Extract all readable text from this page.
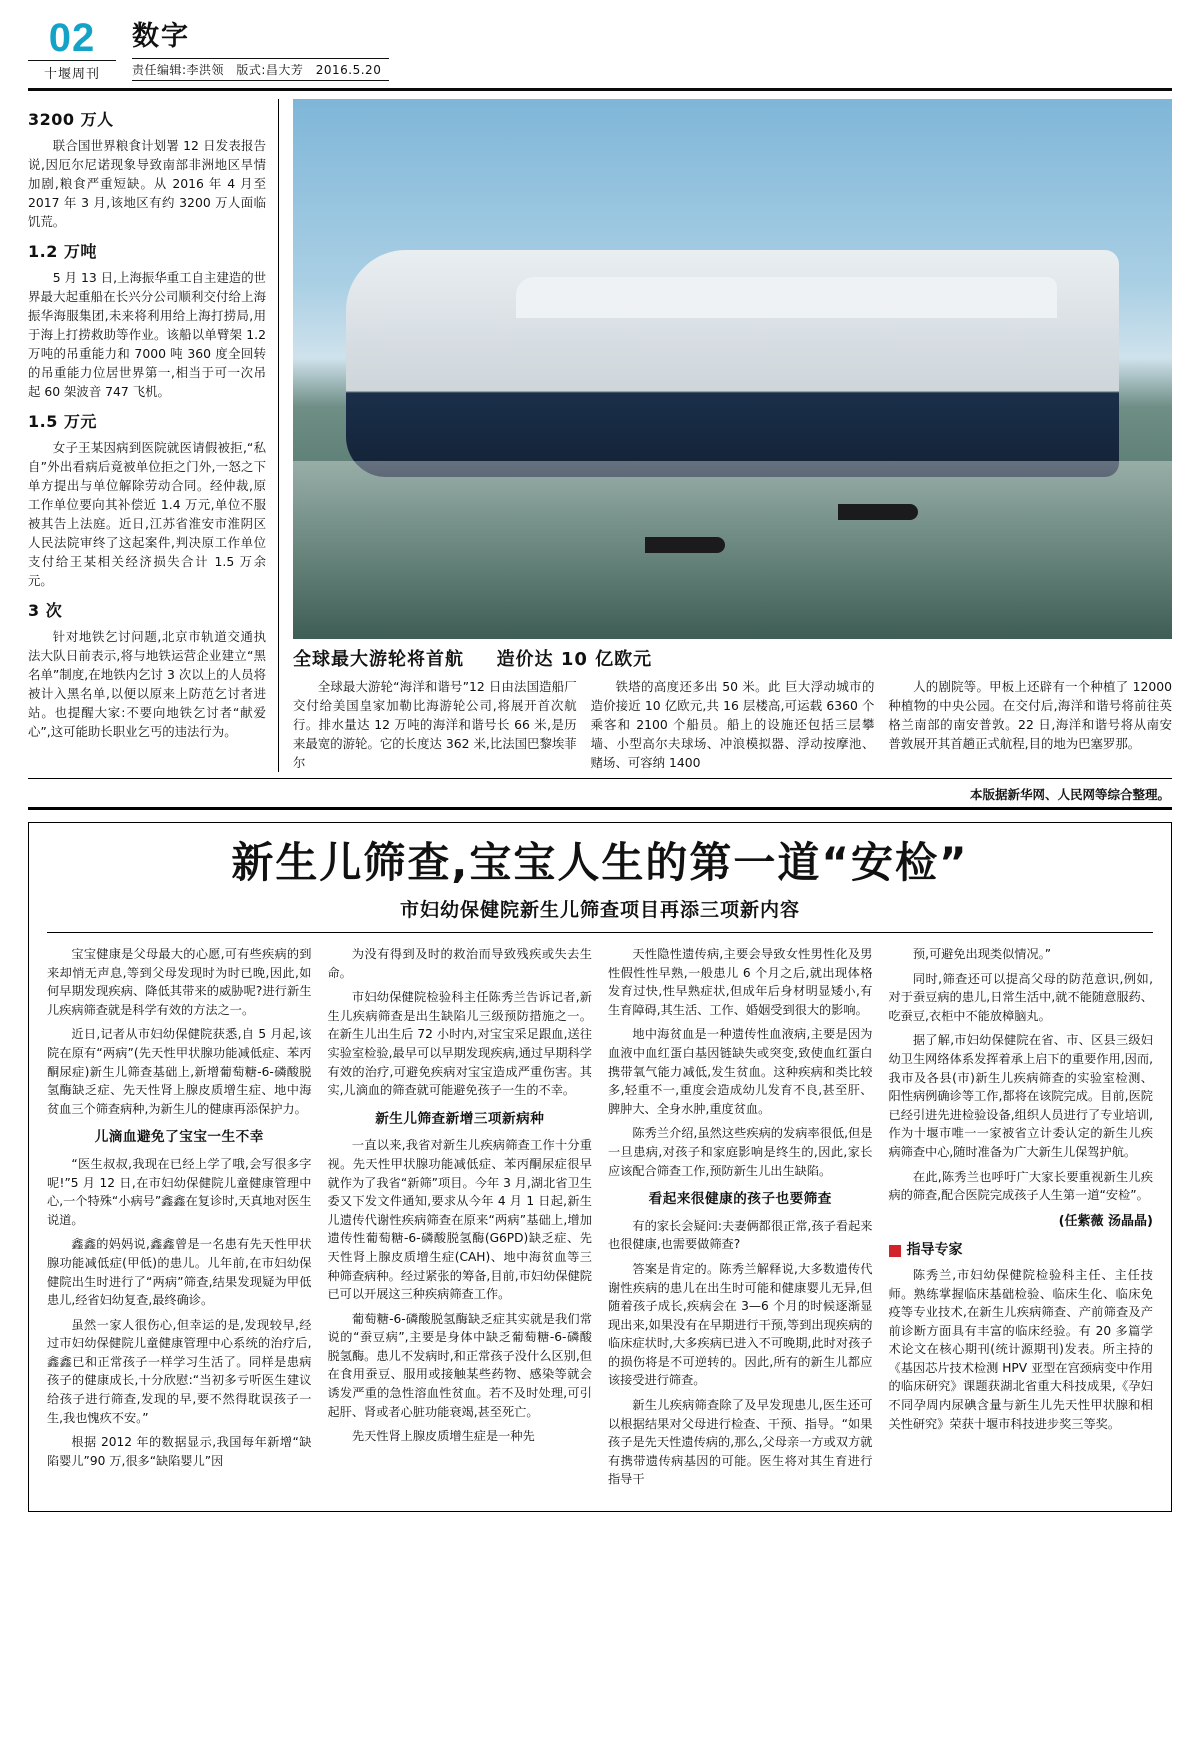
02
十堰周刊
数字
责任编辑:李洪领 版式:昌大芳 2016.5.20
3200 万人
联合国世界粮食计划署 12 日发表报告说,因厄尔尼诺现象导致南部非洲地区旱情加剧,粮食严重短缺。从 2016 年 4 月至 2017 年 3 月,该地区有约 3200 万人面临饥荒。
1.2 万吨
5 月 13 日,上海振华重工自主建造的世界最大起重船在长兴分公司顺利交付给上海振华海服集团,未来将利用给上海打捞局,用于海上打捞救助等作业。该船以单臂架 1.2 万吨的吊重能力和 7000 吨 360 度全回转的吊重能力位居世界第一,相当于可一次吊起 60 架波音 747 飞机。
1.5 万元
女子王某因病到医院就医请假被拒,“私自”外出看病后竟被单位拒之门外,一怒之下单方提出与单位解除劳动合同。经仲裁,原工作单位要向其补偿近 1.4 万元,单位不服被其告上法庭。近日,江苏省淮安市淮阴区人民法院审终了这起案件,判决原工作单位支付给王某相关经济损失合计 1.5 万余元。
3 次
针对地铁乞讨问题,北京市轨道交通执法大队日前表示,将与地铁运营企业建立“黑名单”制度,在地铁内乞讨 3 次以上的人员将被计入黑名单,以便以原来上防范乞讨者进站。也提醒大家:不要向地铁乞讨者“献爱心”,这可能助长职业乞丐的违法行为。
全球最大游轮将首航 造价达 10 亿欧元
全球最大游轮“海洋和谐号”12 日由法国造船厂交付给美国皇家加勒比海游轮公司,将展开首次航行。排水量达 12 万吨的海洋和谐号长 66 米,是历来最宽的游轮。它的长度达 362 米,比法国巴黎埃菲尔
铁塔的高度还多出 50 米。此 巨大浮动城市的造价接近 10 亿欧元,共 16 层楼高,可运载 6360 个乘客和 2100 个船员。船上的设施还包括三层攀墙、小型高尔夫球场、冲浪模拟器、浮动按摩池、赌场、可容纳 1400
人的剧院等。甲板上还辟有一个种植了 12000 种植物的中央公园。在交付后,海洋和谐号将前往英格兰南部的南安普敦。22 日,海洋和谐号将从南安普敦展开其首趟正式航程,目的地为巴塞罗那。
本版据新华网、人民网等综合整理。
新生儿筛查,宝宝人生的第一道“安检”
市妇幼保健院新生儿筛查项目再添三项新内容

宝宝健康是父母最大的心愿,可有些疾病的到来却悄无声息,等到父母发现时为时已晚,因此,如何早期发现疾病、降低其带来的威胁呢?进行新生儿疾病筛查就是科学有效的方法之一。

近日,记者从市妇幼保健院获悉,自 5 月起,该院在原有“两病”(先天性甲状腺功能减低症、苯丙酮尿症)新生儿筛查基础上,新增葡萄糖-6-磷酸脱氢酶缺乏症、先天性肾上腺皮质增生症、地中海贫血三个筛查病种,为新生儿的健康再添保护力。

儿滴血避免了宝宝一生不幸

“医生叔叔,我现在已经上学了哦,会写很多字呢!”5 月 12 日,在市妇幼保健院儿童健康管理中心,一个特殊“小病号”鑫鑫在复诊时,天真地对医生说道。

鑫鑫的妈妈说,鑫鑫曾是一名患有先天性甲状腺功能减低症(甲低)的患儿。儿年前,在市妇幼保健院出生时进行了“两病”筛查,结果发现疑为甲低患儿,经省妇幼复查,最终确诊。

虽然一家人很伤心,但幸运的是,发现较早,经过市妇幼保健院儿童健康管理中心系统的治疗后,鑫鑫已和正常孩子一样学习生活了。同样是患病孩子的健康成长,十分欣慰:“当初多亏听医生建议给孩子进行筛查,发现的早,要不然得耽误孩子一生,我也愧疚不安。”

根据 2012 年的数据显示,我国每年新增“缺陷婴儿”90 万,很多“缺陷婴儿”因

为没有得到及时的救治而导致残疾或失去生命。

市妇幼保健院检验科主任陈秀兰告诉记者,新生儿疾病筛查是出生缺陷儿三级预防措施之一。在新生儿出生后 72 小时内,对宝宝采足跟血,送往实验室检验,最早可以早期发现疾病,通过早期科学有效的治疗,可避免疾病对宝宝造成严重伤害。其实,儿滴血的筛查就可能避免孩子一生的不幸。

新生儿筛查新增三项新病种

一直以来,我省对新生儿疾病筛查工作十分重视。先天性甲状腺功能减低症、苯丙酮尿症很早就作为了我省“新筛”项目。今年 3 月,湖北省卫生委又下发文件通知,要求从今年 4 月 1 日起,新生儿遗传代谢性疾病筛查在原来“两病”基础上,增加遗传性葡萄糖-6-磷酸脱氢酶(G6PD)缺乏症、先天性肾上腺皮质增生症(CAH)、地中海贫血等三种筛查病种。经过紧张的筹备,目前,市妇幼保健院已可以开展这三种疾病筛查工作。

葡萄糖-6-磷酸脱氢酶缺乏症其实就是我们常说的“蚕豆病”,主要是身体中缺乏葡萄糖-6-磷酸脱氢酶。患儿不发病时,和正常孩子没什么区别,但在食用蚕豆、服用或接触某些药物、感染等就会诱发严重的急性溶血性贫血。若不及时处理,可引起肝、肾或者心脏功能衰竭,甚至死亡。

先天性肾上腺皮质增生症是一种先

天性隐性遗传病,主要会导致女性男性化及男性假性性早熟,一般患儿 6 个月之后,就出现体格发育过快,性早熟症状,但成年后身材明显矮小,有生育障碍,其生活、工作、婚姻受到很大的影响。

地中海贫血是一种遗传性血液病,主要是因为血液中血红蛋白基因链缺失或突变,致使血红蛋白携带氧气能力减低,发生贫血。这种疾病和类比较多,轻重不一,重度会造成幼儿发育不良,甚至肝、脾肿大、全身水肿,重度贫血。

陈秀兰介绍,虽然这些疾病的发病率很低,但是一旦患病,对孩子和家庭影响是终生的,因此,家长应该配合筛查工作,预防新生儿出生缺陷。

看起来很健康的孩子也要筛查

有的家长会疑问:夫妻俩都很正常,孩子看起来也很健康,也需要做筛查?

答案是肯定的。陈秀兰解释说,大多数遗传代谢性疾病的患儿在出生时可能和健康婴儿无异,但随着孩子成长,疾病会在 3—6 个月的时候逐渐显现出来,如果没有在早期进行干预,等到出现疾病的临床症状时,大多疾病已进入不可晚期,此时对孩子的损伤将是不可逆转的。因此,所有的新生儿都应该接受进行筛查。

新生儿疾病筛查除了及早发现患儿,医生还可以根据结果对父母进行检查、干预、指导。“如果孩子是先天性遗传病的,那么,父母亲一方或双方就有携带遗传病基因的可能。医生将对其生育进行指导干

预,可避免出现类似情况。”

同时,筛查还可以提高父母的防范意识,例如,对于蚕豆病的患儿,日常生活中,就不能随意服药、吃蚕豆,衣柜中不能放樟脑丸。

据了解,市妇幼保健院在省、市、区县三级妇幼卫生网络体系发挥着承上启下的重要作用,因而,我市及各县(市)新生儿疾病筛查的实验室检测、阳性病例确诊等工作,都将在该院完成。目前,医院已经引进先进检验设备,组织人员进行了专业培训,作为十堰市唯一一家被省立计委认定的新生儿疾病筛查中心,随时准备为广大新生儿保驾护航。

在此,陈秀兰也呼吁广大家长要重视新生儿疾病的筛查,配合医院完成孩子人生第一道“安检”。

(任紫薇 汤晶晶)
指导专家

陈秀兰,市妇幼保健院检验科主任、主任技师。熟练掌握临床基础检验、临床生化、临床免疫等专业技术,在新生儿疾病筛查、产前筛查及产前诊断方面具有丰富的临床经验。有 20 多篇学术论文在核心期刊(统计源期刊)发表。所主持的《基因芯片技术检测 HPV 亚型在宫颈病变中作用的临床研究》课题获湖北省重大科技成果,《孕妇不同孕周内尿碘含量与新生儿先天性甲状腺和相关性研究》荣获十堰市科技进步奖三等奖。
